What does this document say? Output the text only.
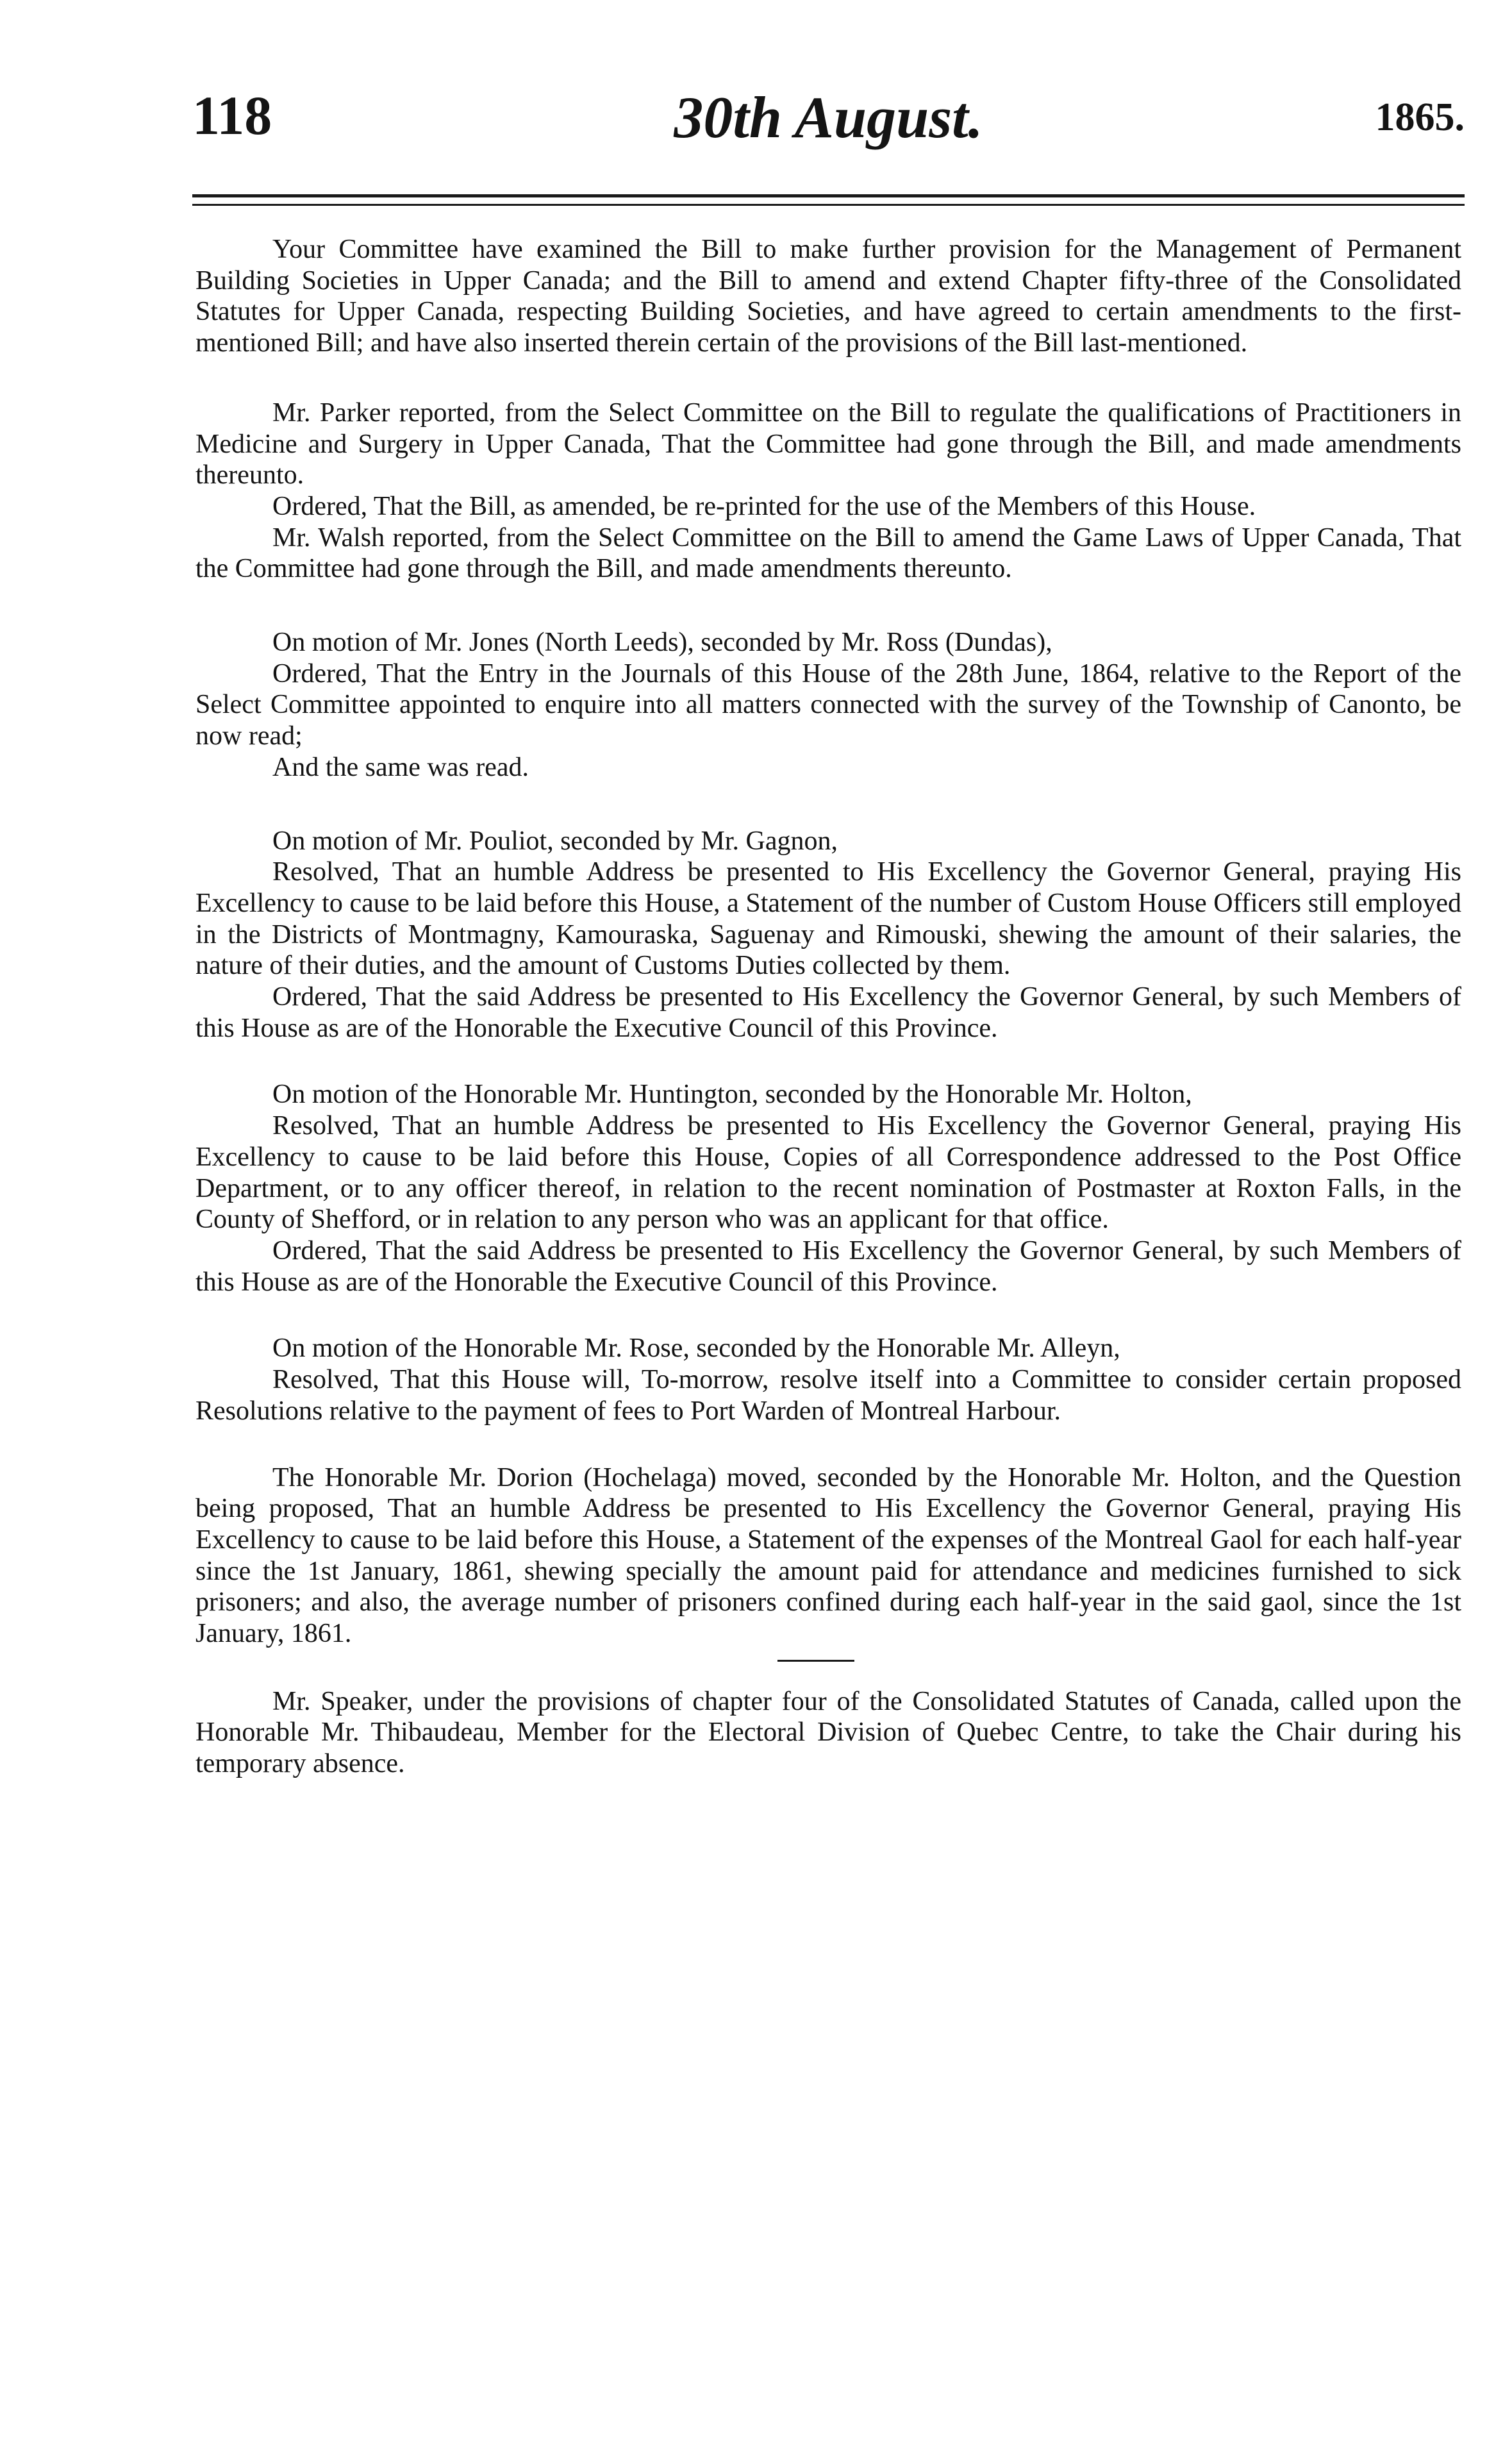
118	30th August.	1865.

Your Committee have examined the Bill to make further provision for the Management of Permanent Building Societies in Upper Canada; and the Bill to amend and extend Chapter fifty-three of the Consolidated Statutes for Upper Canada, respecting Building Societies, and have agreed to certain amendments to the first-mentioned Bill; and have also inserted therein certain of the provisions of the Bill last-mentioned.

Mr. Parker reported, from the Select Committee on the Bill to regulate the qualifications of Practitioners in Medicine and Surgery in Upper Canada, That the Committee had gone through the Bill, and made amendments thereunto.

Ordered, That the Bill, as amended, be re-printed for the use of the Members of this House.

Mr. Walsh reported, from the Select Committee on the Bill to amend the Game Laws of Upper Canada, That the Committee had gone through the Bill, and made amendments thereunto.

On motion of Mr. Jones (North Leeds), seconded by Mr. Ross (Dundas),

Ordered, That the Entry in the Journals of this House of the 28th June, 1864, relative to the Report of the Select Committee appointed to enquire into all matters connected with the survey of the Township of Canonto, be now read;

And the same was read.

On motion of Mr. Pouliot, seconded by Mr. Gagnon,

Resolved, That an humble Address be presented to His Excellency the Governor General, praying His Excellency to cause to be laid before this House, a Statement of the number of Custom House Officers still employed in the Districts of Montmagny, Kamouraska, Saguenay and Rimouski, shewing the amount of their salaries, the nature of their duties, and the amount of Customs Duties collected by them.

Ordered, That the said Address be presented to His Excellency the Governor General, by such Members of this House as are of the Honorable the Executive Council of this Province.

On motion of the Honorable Mr. Huntington, seconded by the Honorable Mr. Holton,

Resolved, That an humble Address be presented to His Excellency the Governor General, praying His Excellency to cause to be laid before this House, Copies of all Correspondence addressed to the Post Office Department, or to any officer thereof, in relation to the recent nomination of Postmaster at Roxton Falls, in the County of Shefford, or in relation to any person who was an applicant for that office.

Ordered, That the said Address be presented to His Excellency the Governor General, by such Members of this House as are of the Honorable the Executive Council of this Province.

On motion of the Honorable Mr. Rose, seconded by the Honorable Mr. Alleyn,

Resolved, That this House will, To-morrow, resolve itself into a Committee to consider certain proposed Resolutions relative to the payment of fees to Port Warden of Montreal Harbour.

The Honorable Mr. Dorion (Hochelaga) moved, seconded by the Honorable Mr. Holton, and the Question being proposed, That an humble Address be presented to His Excellency the Governor General, praying His Excellency to cause to be laid before this House, a Statement of the expenses of the Montreal Gaol for each half-year since the 1st January, 1861, shewing specially the amount paid for attendance and medicines furnished to sick prisoners; and also, the average number of prisoners confined during each half-year in the said gaol, since the 1st January, 1861.

Mr. Speaker, under the provisions of chapter four of the Consolidated Statutes of Canada, called upon the Honorable Mr. Thibaudeau, Member for the Electoral Division of Quebec Centre, to take the Chair during his temporary absence.
